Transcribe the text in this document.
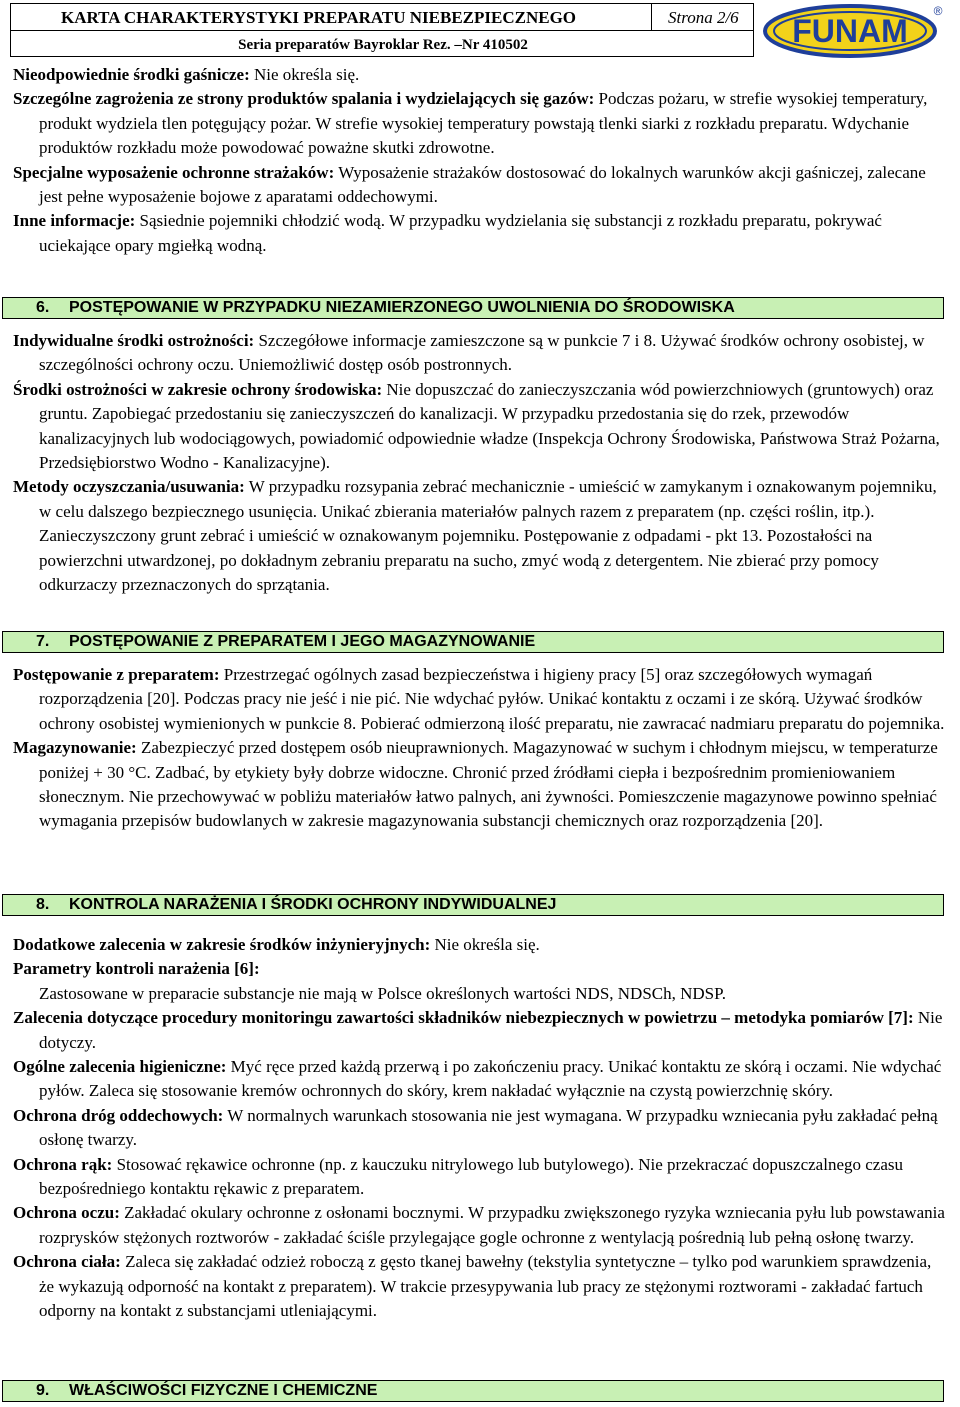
KARTA CHARAKTERYSTYKI PREPARATU NIEBEZPIECZNEGO	Strona 2/6
Seria preparatów Bayroklar Rez. –Nr 410502	FUNAM
®

Nieodpowiednie środki gaśnicze: Nie określa się.

Szczególne zagrożenia ze strony produktów spalania i wydzielających się gazów: Podczas pożaru, w strefie wysokiej temperatury, produkt wydziela tlen potęgujący pożar. W strefie wysokiej temperatury powstają tlenki siarki z rozkładu preparatu. Wdychanie produktów rozkładu może powodować poważne skutki zdrowotne.

Specjalne wyposażenie ochronne strażaków: Wyposażenie strażaków dostosować do lokalnych warunków akcji gaśniczej, zalecane jest pełne wyposażenie bojowe z aparatami oddechowymi.

Inne informacje: Sąsiednie pojemniki chłodzić wodą. W przypadku wydzielania się substancji z rozkładu preparatu, pokrywać uciekające opary mgiełką wodną.

6. POSTĘPOWANIE W PRZYPADKU NIEZAMIERZONEGO UWOLNIENIA DO ŚRODOWISKA

Indywidualne środki ostrożności: Szczegółowe informacje zamieszczone są w punkcie 7 i 8. Używać środków ochrony osobistej, w szczególności ochrony oczu. Uniemożliwić dostęp osób postronnych.

Środki ostrożności w zakresie ochrony środowiska: Nie dopuszczać do zanieczyszczania wód powierzchniowych (gruntowych) oraz gruntu. Zapobiegać przedostaniu się zanieczyszczeń do kanalizacji. W przypadku przedostania się do rzek, przewodów kanalizacyjnych lub wodociągowych, powiadomić odpowiednie władze (Inspekcja Ochrony Środowiska, Państwowa Straż Pożarna, Przedsiębiorstwo Wodno - Kanalizacyjne).

Metody oczyszczania/usuwania: W przypadku rozsypania zebrać mechanicznie - umieścić w zamykanym i oznakowanym pojemniku, w celu dalszego bezpiecznego usunięcia. Unikać zbierania materiałów palnych razem z preparatem (np. części roślin, itp.). Zanieczyszczony grunt zebrać i umieścić w oznakowanym pojemniku. Postępowanie z odpadami - pkt 13. Pozostałości na powierzchni utwardzonej, po dokładnym zebraniu preparatu na sucho, zmyć wodą z detergentem. Nie zbierać przy pomocy odkurzaczy przeznaczonych do sprzątania.

7. POSTĘPOWANIE Z PREPARATEM I JEGO MAGAZYNOWANIE

Postępowanie z preparatem: Przestrzegać ogólnych zasad bezpieczeństwa i higieny pracy [5] oraz szczegółowych wymagań rozporządzenia [20]. Podczas pracy nie jeść i nie pić. Nie wdychać pyłów. Unikać kontaktu z oczami i ze skórą. Używać środków ochrony osobistej wymienionych w punkcie 8. Pobierać odmierzoną ilość preparatu, nie zawracać nadmiaru preparatu do pojemnika.

Magazynowanie: Zabezpieczyć przed dostępem osób nieuprawnionych. Magazynować w suchym i chłodnym miejscu, w temperaturze poniżej + 30 °C. Zadbać, by etykiety były dobrze widoczne. Chronić przed źródłami ciepła i bezpośrednim promieniowaniem słonecznym. Nie przechowywać w pobliżu materiałów łatwo palnych, ani żywności. Pomieszczenie magazynowe powinno spełniać wymagania przepisów budowlanych w zakresie magazynowania substancji chemicznych oraz rozporządzenia [20].

8. KONTROLA NARAŻENIA I ŚRODKI OCHRONY INDYWIDUALNEJ

Dodatkowe zalecenia w zakresie środków inżynieryjnych: Nie określa się.

Parametry kontroli narażenia [6]:

Zastosowane w preparacie substancje nie mają w Polsce określonych wartości NDS, NDSCh, NDSP.

Zalecenia dotyczące procedury monitoringu zawartości składników niebezpiecznych w powietrzu – metodyka pomiarów [7]: Nie dotyczy.

Ogólne zalecenia higieniczne: Myć ręce przed każdą przerwą i po zakończeniu pracy. Unikać kontaktu ze skórą i oczami. Nie wdychać pyłów. Zaleca się stosowanie kremów ochronnych do skóry, krem nakładać wyłącznie na czystą powierzchnię skóry.

Ochrona dróg oddechowych: W normalnych warunkach stosowania nie jest wymagana. W przypadku wzniecania pyłu zakładać pełną osłonę twarzy.

Ochrona rąk: Stosować rękawice ochronne (np. z kauczuku nitrylowego lub butylowego). Nie przekraczać dopuszczalnego czasu bezpośredniego kontaktu rękawic z preparatem.

Ochrona oczu: Zakładać okulary ochronne z osłonami bocznymi. W przypadku zwiększonego ryzyka wzniecania pyłu lub powstawania rozprysków stężonych roztworów - zakładać ściśle przylegające gogle ochronne z wentylacją pośrednią lub pełną osłonę twarzy.

Ochrona ciała: Zaleca się zakładać odzież roboczą z gęsto tkanej bawełny (tekstylia syntetyczne – tylko pod warunkiem sprawdzenia, że wykazują odporność na kontakt z preparatem). W trakcie przesypywania lub pracy ze stężonymi roztworami - zakładać fartuch odporny na kontakt z substancjami utleniającymi.

9. WŁAŚCIWOŚCI FIZYCZNE I CHEMICZNE
